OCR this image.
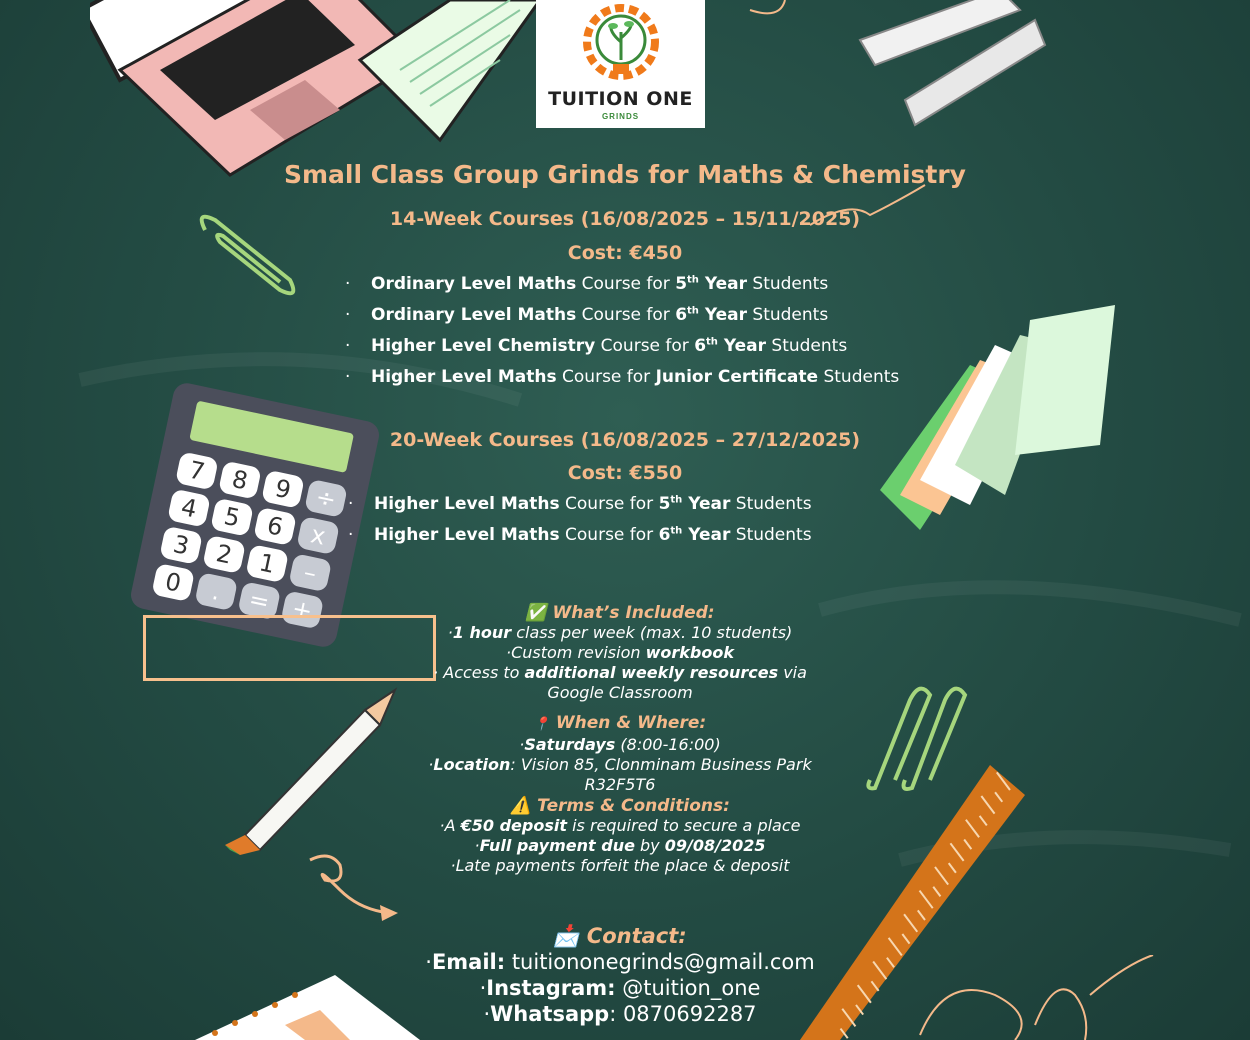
TUITION ONE
GRINDS
7 8 9 ÷
4 5 6 x
3 2 1 –
0	. = +
Small Class Group Grinds for Maths & Chemistry
14-Week Courses (16/08/2025 – 15/11/2025)
Cost: €450
· Ordinary Level Maths Course for 5th Year Students
· Ordinary Level Maths Course for 6th Year Students
· Higher Level Chemistry Course for 6th Year Students
· Higher Level Maths Course for Junior Certificate Students
20-Week Courses (16/08/2025 – 27/12/2025)
Cost: €550
· Higher Level Maths Course for 5th Year Students
· Higher Level Maths Course for 6th Year Students
✅ What’s Included:
·1 hour class per week (max. 10 students)
·Custom revision workbook
· Access to additional weekly resources via
Google Classroom
📍 When & Where:
·Saturdays (8:00-16:00)
·Location: Vision 85, Clonminam Business Park
R32F5T6
⚠️ Terms & Conditions:
·A €50 deposit is required to secure a place
·Full payment due by 09/08/2025
·Late payments forfeit the place & deposit
📩 Contact:
·Email: tuitiononegrinds@gmail.com
·Instagram: @tuition_one
·Whatsapp: 0870692287
